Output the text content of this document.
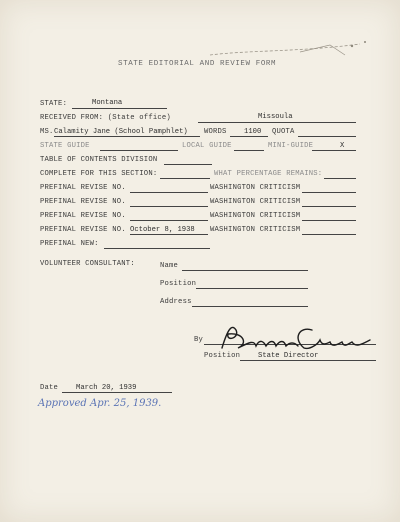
STATE EDITORIAL AND REVIEW FORM
STATE:	Montana
RECEIVED FROM: (State office)	Missoula
MS. Calamity Jane (School Pamphlet) WORDS 1100 QUOTA
STATE GUIDE	LOCAL GUIDE	MINI-GUIDE	X
TABLE OF CONTENTS DIVISION
COMPLETE FOR THIS SECTION:	WHAT PERCENTAGE REMAINS:
PREFINAL REVISE NO.	WASHINGTON CRITICISM
PREFINAL REVISE NO.	WASHINGTON CRITICISM
PREFINAL REVISE NO.	WASHINGTON CRITICISM
PREFINAL REVISE NO. October 8, 1938 WASHINGTON CRITICISM
PREFINAL NEW:
VOLUNTEER CONSULTANT:	Name
Position
Address
By
Position State Director
Date March 20, 1939
Approved Apr. 25, 1939.
